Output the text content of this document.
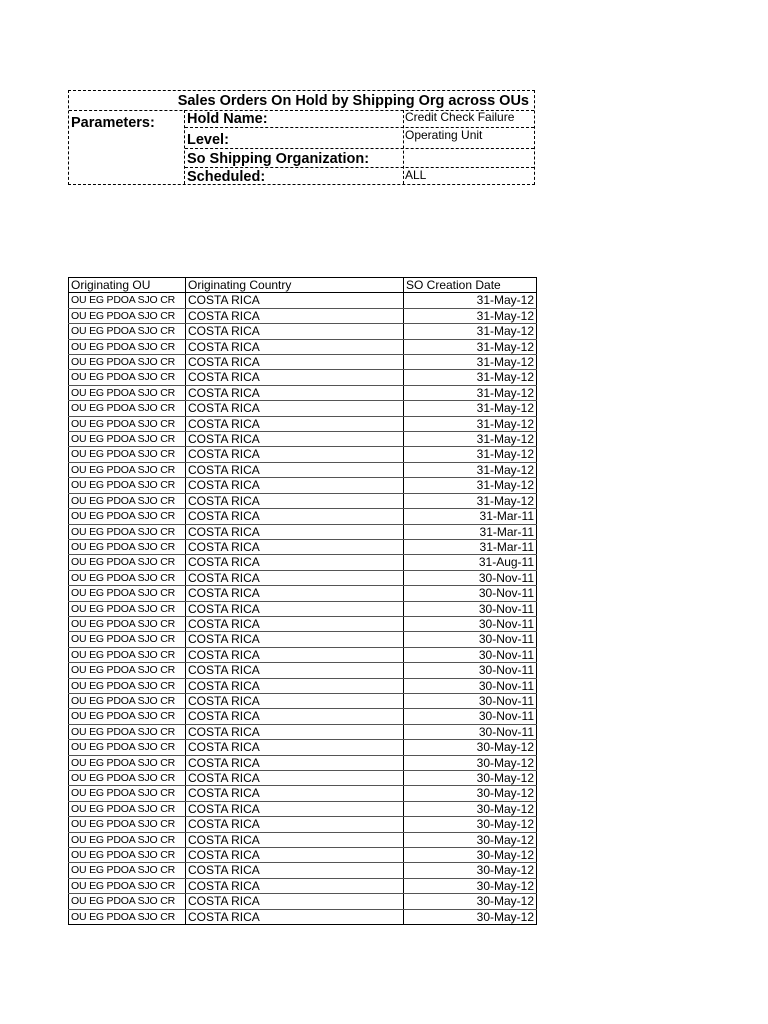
Sales Orders On Hold by Shipping Org across OUs
Parameters:	Hold Name:	Credit Check Failure
Level:	Operating Unit
So Shipping Organization:
Scheduled:	ALL
Originating OU	Originating Country	SO Creation Date
OU EG PDOA SJO CR	COSTA RICA	31-May-12
OU EG PDOA SJO CR	COSTA RICA	31-May-12
OU EG PDOA SJO CR	COSTA RICA	31-May-12
OU EG PDOA SJO CR	COSTA RICA	31-May-12
OU EG PDOA SJO CR	COSTA RICA	31-May-12
OU EG PDOA SJO CR	COSTA RICA	31-May-12
OU EG PDOA SJO CR	COSTA RICA	31-May-12
OU EG PDOA SJO CR	COSTA RICA	31-May-12
OU EG PDOA SJO CR	COSTA RICA	31-May-12
OU EG PDOA SJO CR	COSTA RICA	31-May-12
OU EG PDOA SJO CR	COSTA RICA	31-May-12
OU EG PDOA SJO CR	COSTA RICA	31-May-12
OU EG PDOA SJO CR	COSTA RICA	31-May-12
OU EG PDOA SJO CR	COSTA RICA	31-May-12
OU EG PDOA SJO CR	COSTA RICA	31-Mar-11
OU EG PDOA SJO CR	COSTA RICA	31-Mar-11
OU EG PDOA SJO CR	COSTA RICA	31-Mar-11
OU EG PDOA SJO CR	COSTA RICA	31-Aug-11
OU EG PDOA SJO CR	COSTA RICA	30-Nov-11
OU EG PDOA SJO CR	COSTA RICA	30-Nov-11
OU EG PDOA SJO CR	COSTA RICA	30-Nov-11
OU EG PDOA SJO CR	COSTA RICA	30-Nov-11
OU EG PDOA SJO CR	COSTA RICA	30-Nov-11
OU EG PDOA SJO CR	COSTA RICA	30-Nov-11
OU EG PDOA SJO CR	COSTA RICA	30-Nov-11
OU EG PDOA SJO CR	COSTA RICA	30-Nov-11
OU EG PDOA SJO CR	COSTA RICA	30-Nov-11
OU EG PDOA SJO CR	COSTA RICA	30-Nov-11
OU EG PDOA SJO CR	COSTA RICA	30-Nov-11
OU EG PDOA SJO CR	COSTA RICA	30-May-12
OU EG PDOA SJO CR	COSTA RICA	30-May-12
OU EG PDOA SJO CR	COSTA RICA	30-May-12
OU EG PDOA SJO CR	COSTA RICA	30-May-12
OU EG PDOA SJO CR	COSTA RICA	30-May-12
OU EG PDOA SJO CR	COSTA RICA	30-May-12
OU EG PDOA SJO CR	COSTA RICA	30-May-12
OU EG PDOA SJO CR	COSTA RICA	30-May-12
OU EG PDOA SJO CR	COSTA RICA	30-May-12
OU EG PDOA SJO CR	COSTA RICA	30-May-12
OU EG PDOA SJO CR	COSTA RICA	30-May-12
OU EG PDOA SJO CR	COSTA RICA	30-May-12
